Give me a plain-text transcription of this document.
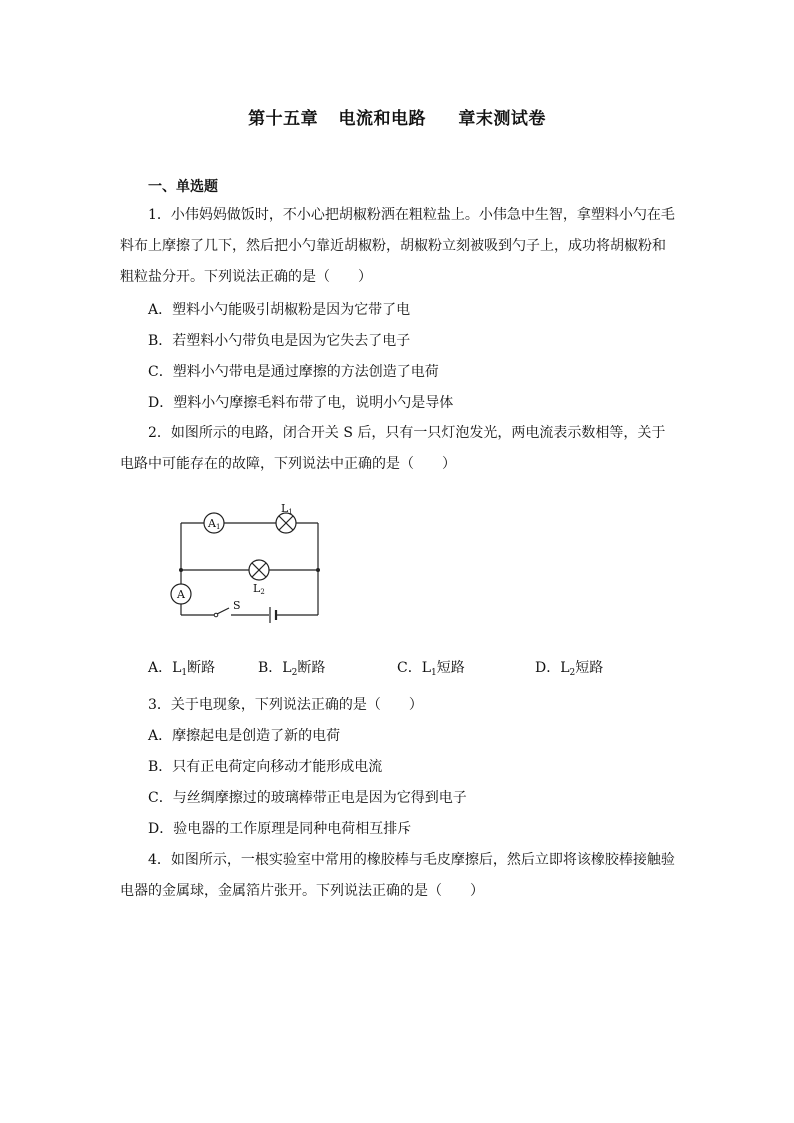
第十五章 电流和电路 章末测试卷
一、单选题
1．小伟妈妈做饭时，不小心把胡椒粉洒在粗粒盐上。小伟急中生智，拿塑料小勺在毛料布上摩擦了几下，然后把小勺靠近胡椒粉，胡椒粉立刻被吸到勺子上，成功将胡椒粉和粗粒盐分开。下列说法正确的是（　　）
A．塑料小勺能吸引胡椒粉是因为它带了电
B．若塑料小勺带负电是因为它失去了电子
C．塑料小勺带电是通过摩擦的方法创造了电荷
D．塑料小勺摩擦毛料布带了电，说明小勺是导体
2．如图所示的电路，闭合开关 S 后，只有一只灯泡发光，两电流表示数相等，关于电路中可能存在的故障，下列说法中正确的是（　　）
A1
L1
L2
A
S
A．$L_1$断路	B．$L_2$断路	C．$L_1$短路	D．$L_2$短路
3．关于电现象，下列说法正确的是（　　）
A．摩擦起电是创造了新的电荷
B．只有正电荷定向移动才能形成电流
C．与丝绸摩擦过的玻璃棒带正电是因为它得到电子
D．验电器的工作原理是同种电荷相互排斥
4．如图所示，一根实验室中常用的橡胶棒与毛皮摩擦后，然后立即将该橡胶棒接触验电器的金属球，金属箔片张开。下列说法正确的是（　　）
